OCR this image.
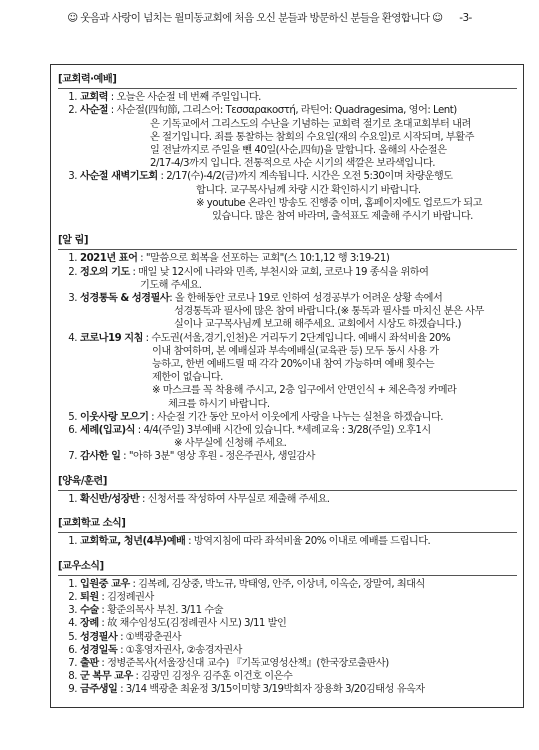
☺ 웃음과 사랑이 넘치는 월미동교회에 처음 오신 분들과 방문하신 분들을 환영합니다 ☺ -3-
[교회력·예배]
1. 교회력 : 오늘은 사순절 네 번째 주일입니다.
2. 사순절 : 사순절(四旬節, 그리스어: Τεσσαρακοστή, 라틴어: Quadragesima, 영어: Lent)
은 기독교에서 그리스도의 수난을 기념하는 교회력 절기로 초대교회부터 내려
온 절기입니다. 죄를 통찰하는 참회의 수요일(재의 수요일)로 시작되며, 부활주
일 전날까지로 주일을 뺀 40일(사순,四旬)을 말합니다. 올해의 사순절은
2/17-4/3까지 입니다. 전통적으로 사순 시기의 색깔은 보라색입니다.
3. 사순절 새벽기도회 : 2/17(수)-4/2(금)까지 계속됩니다. 시간은 오전 5:30이며 차량운행도
합니다. 교구목사님께 차량 시간 확인하시기 바랍니다.
※ youtube 온라인 방송도 진행중 이며, 홈페이지에도 업로드가 되고
있습니다. 많은 참여 바라며, 출석표도 제출해 주시기 바랍니다.
[알 림]
1. 2021년 표어 : "말씀으로 회복을 선포하는 교회"(스 10:1,12 행 3:19-21)
2. 정오의 기도 : 매일 낮 12시에 나라와 민족, 부천시와 교회, 코로나 19 종식을 위하여
기도해 주세요.
3. 성경통독 & 성경필사: 올 한해동안 코로나 19로 인하여 성경공부가 어려운 상황 속에서
성경통독과 필사에 많은 참여 바랍니다.(※ 통독과 필사를 마치신 분은 사무
실이나 교구목사님께 보고해 해주세요. 교회에서 시상도 하겠습니다.)
4. 코로나19 지침 : 수도권(서울,경기,인천)은 거리두기 2단계입니다. 예배시 좌석비율 20%
이내 참여하며, 본 예배실과 부속예배실(교육관 등) 모두 동시 사용 가
능하고, 한번 예배드릴 때 각각 20%이내 참여 가능하며 예배 횟수는
제한이 없습니다.
※ 마스크를 꼭 착용해 주시고, 2층 입구에서 안면인식 + 체온측정 카메라
체크를 하시기 바랍니다.
5. 이웃사랑 모으기 : 사순절 기간 동안 모아서 이웃에게 사랑을 나누는 실천을 하겠습니다.
6. 세례(입교)식 : 4/4(주일) 3부예배 시간에 있습니다. *세례교육 : 3/28(주일) 오후1시
※ 사무실에 신청해 주세요.
7. 감사한 일 : "아하 3분" 영상 후원 - 정은주권사, 생일감사
[양육/훈련]
1. 확신반/성장반 : 신청서를 작성하여 사무실로 제출해 주세요.
[교회학교 소식]
1. 교회학교, 청년(4부)예배 : 방역지침에 따라 좌석비율 20% 이내로 예배를 드립니다.
[교우소식]
1. 입원중 교우 : 김복례, 김상중, 박노규, 박태영, 안주, 이상녀, 이옥순, 장말여, 최대식
2. 퇴원 : 김정례권사
3. 수술 : 황준의목사 부친. 3/11 수술
4. 장례 : 故 채수임성도(김정례권사 시모) 3/11 발인
5. 성경필사 : ①백광춘권사
6. 성경일독 : ①홍영자권사, ②송경자권사
7. 출판 : 정병준목사(서울장신대 교수) 『기독교영성산책』(한국장로출판사)
8. 군 복무 교우 : 김광민 김정우 김주훈 이건호 이은수
9. 금주생일 : 3/14 백광춘 최윤정 3/15이미향 3/19박희자 장용화 3/20김태성 유옥자
